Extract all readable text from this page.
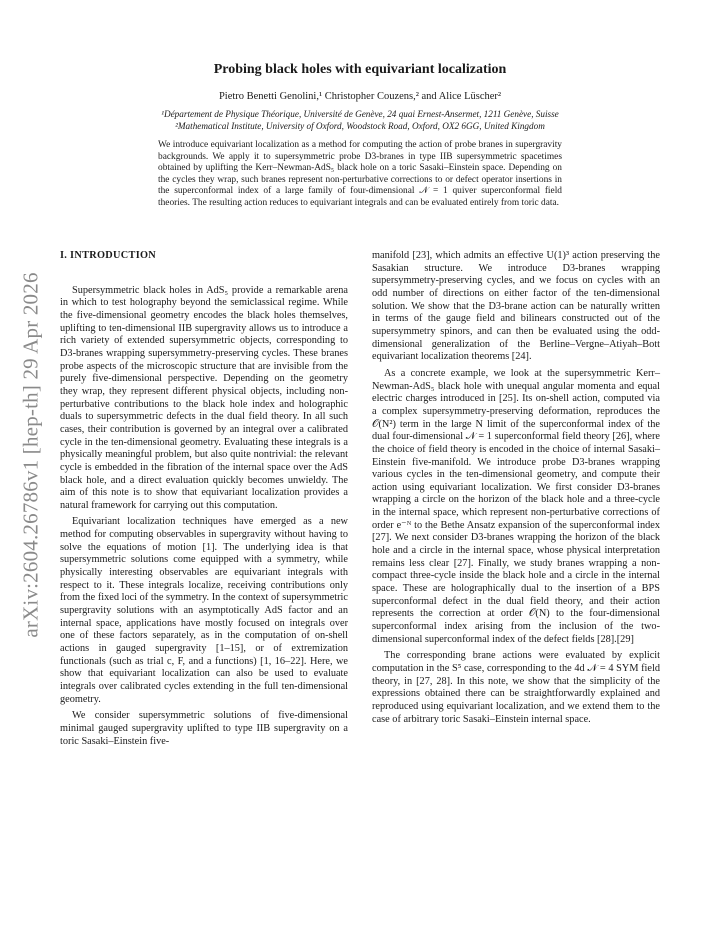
arXiv:2604.26786v1 [hep-th] 29 Apr 2026
Probing black holes with equivariant localization
Pietro Benetti Genolini,¹ Christopher Couzens,² and Alice Lüscher²
¹Département de Physique Théorique, Université de Genève, 24 quai Ernest-Ansermet, 1211 Genève, Suisse
²Mathematical Institute, University of Oxford, Woodstock Road, Oxford, OX2 6GG, United Kingdom
We introduce equivariant localization as a method for computing the action of probe branes in supergravity backgrounds. We apply it to supersymmetric probe D3-branes in type IIB supersymmetric spacetimes obtained by uplifting the Kerr–Newman-AdS₅ black hole on a toric Sasaki–Einstein space. Depending on the cycles they wrap, such branes represent non-perturbative corrections to or defect operator insertions in the superconformal index of a large family of four-dimensional 𝒩 = 1 quiver superconformal field theories. The resulting action reduces to equivariant integrals and can be evaluated entirely from toric data.

I. INTRODUCTION

Supersymmetric black holes in AdS₅ provide a remarkable arena in which to test holography beyond the semiclassical regime. While the five-dimensional geometry encodes the black holes themselves, uplifting to ten-dimensional IIB supergravity allows us to introduce a rich variety of extended supersymmetric objects, corresponding to D3-branes wrapping supersymmetry-preserving cycles. These branes probe aspects of the microscopic structure that are invisible from the purely five-dimensional perspective. Depending on the geometry they wrap, they represent different physical objects, including non-perturbative contributions to the black hole index and holographic duals to supersymmetric defects in the dual field theory. In all such cases, their contribution is governed by an integral over a calibrated cycle in the ten-dimensional geometry. Evaluating these integrals is a physically meaningful problem, but also quite nontrivial: the relevant cycle is embedded in the fibration of the internal space over the AdS black hole, and a direct evaluation quickly becomes unwieldy. The aim of this note is to show that equivariant localization provides a natural framework for carrying out this computation.

Equivariant localization techniques have emerged as a new method for computing observables in supergravity without having to solve the equations of motion [1]. The underlying idea is that supersymmetric solutions come equipped with a symmetry, while physically interesting observables are equivariant integrals with respect to it. These integrals localize, receiving contributions only from the fixed loci of the symmetry. In the context of supersymmetric supergravity solutions with an asymptotically AdS factor and an internal space, applications have mostly focused on integrals over one of these factors separately, as in the computation of on-shell actions in gauged supergravity [1–15], or of extremization functionals (such as trial c, F, and a functions) [1, 16–22]. Here, we show that equivariant localization can also be used to evaluate integrals over calibrated cycles extending in the full ten-dimensional geometry.

We consider supersymmetric solutions of five-dimensional minimal gauged supergravity uplifted to type IIB supergravity on a toric Sasaki–Einstein five-

manifold [23], which admits an effective U(1)³ action preserving the Sasakian structure. We introduce D3-branes wrapping supersymmetry-preserving cycles, and we focus on cycles with an odd number of directions on either factor of the ten-dimensional solution. We show that the D3-brane action can be naturally written in terms of the gauge field and bilinears constructed out of the supersymmetry spinors, and can then be evaluated using the odd-dimensional generalization of the Berline–Vergne–Atiyah–Bott equivariant localization theorems [24].

As a concrete example, we look at the supersymmetric Kerr–Newman-AdS₅ black hole with unequal angular momenta and equal electric charges introduced in [25]. Its on-shell action, computed via a complex supersymmetry-preserving deformation, reproduces the 𝒪(N²) term in the large N limit of the superconformal index of the dual four-dimensional 𝒩 = 1 superconformal field theory [26], where the choice of field theory is encoded in the choice of internal Sasaki–Einstein five-manifold. We introduce probe D3-branes wrapping various cycles in the ten-dimensional geometry, and compute their action using equivariant localization. We first consider D3-branes wrapping a circle on the horizon of the black hole and a three-cycle in the internal space, which represent non-perturbative corrections of order e⁻ᴺ to the Bethe Ansatz expansion of the superconformal index [27]. We next consider D3-branes wrapping the horizon of the black hole and a circle in the internal space, whose physical interpretation remains less clear [27]. Finally, we study branes wrapping a non-compact three-cycle inside the black hole and a circle in the internal space. These are holographically dual to the insertion of a BPS superconformal defect in the dual field theory, and their action represents the correction at order 𝒪(N) to the four-dimensional superconformal index arising from the inclusion of the two-dimensional superconformal index of the defect fields [28].[29]

The corresponding brane actions were evaluated by explicit computation in the S⁵ case, corresponding to the 4d 𝒩 = 4 SYM field theory, in [27, 28]. In this note, we show that the simplicity of the expressions obtained there can be straightforwardly explained and reproduced using equivariant localization, and we extend them to the case of arbitrary toric Sasaki–Einstein internal space.
